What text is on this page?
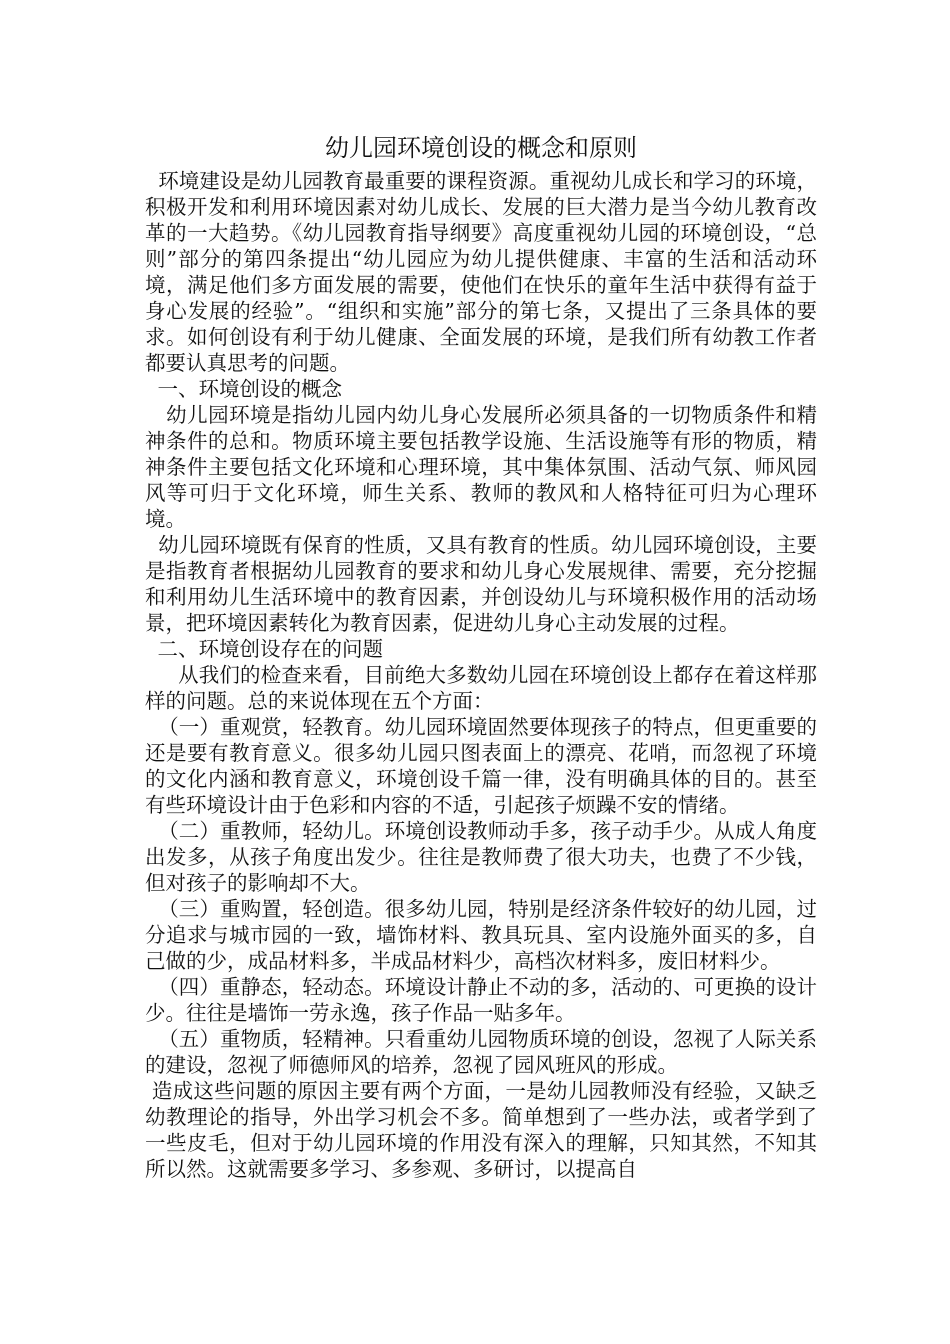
幼儿园环境创设的概念和原则

环境建设是幼儿园教育最重要的课程资源。重视幼儿成长和学习的环境，积极开发和利用环境因素对幼儿成长、发展的巨大潜力是当今幼儿教育改革的一大趋势。《幼儿园教育指导纲要》高度重视幼儿园的环境创设，“总则”部分的第四条提出“幼儿园应为幼儿提供健康、丰富的生活和活动环境，满足他们多方面发展的需要，使他们在快乐的童年生活中获得有益于身心发展的经验”。“组织和实施”部分的第七条，又提出了三条具体的要求。如何创设有利于幼儿健康、全面发展的环境，是我们所有幼教工作者都要认真思考的问题。

一、环境创设的概念

幼儿园环境是指幼儿园内幼儿身心发展所必须具备的一切物质条件和精神条件的总和。物质环境主要包括教学设施、生活设施等有形的物质，精神条件主要包括文化环境和心理环境，其中集体氛围、活动气氛、师风园风等可归于文化环境，师生关系、教师的教风和人格特征可归为心理环境。

幼儿园环境既有保育的性质，又具有教育的性质。幼儿园环境创设，主要是指教育者根据幼儿园教育的要求和幼儿身心发展规律、需要，充分挖掘和利用幼儿生活环境中的教育因素，并创设幼儿与环境积极作用的活动场景，把环境因素转化为教育因素，促进幼儿身心主动发展的过程。

二、环境创设存在的问题

从我们的检查来看，目前绝大多数幼儿园在环境创设上都存在着这样那样的问题。总的来说体现在五个方面：

（一）重观赏，轻教育。幼儿园环境固然要体现孩子的特点，但更重要的还是要有教育意义。很多幼儿园只图表面上的漂亮、花哨，而忽视了环境的文化内涵和教育意义，环境创设千篇一律，没有明确具体的目的。甚至有些环境设计由于色彩和内容的不适，引起孩子烦躁不安的情绪。

（二）重教师，轻幼儿。环境创设教师动手多，孩子动手少。从成人角度出发多，从孩子角度出发少。往往是教师费了很大功夫，也费了不少钱，但对孩子的影响却不大。

（三）重购置，轻创造。很多幼儿园，特别是经济条件较好的幼儿园，过分追求与城市园的一致，墙饰材料、教具玩具、室内设施外面买的多，自己做的少，成品材料多，半成品材料少，高档次材料多，废旧材料少。

（四）重静态，轻动态。环境设计静止不动的多，活动的、可更换的设计少。往往是墙饰一劳永逸，孩子作品一贴多年。

（五）重物质，轻精神。只看重幼儿园物质环境的创设，忽视了人际关系的建设，忽视了师德师风的培养，忽视了园风班风的形成。

造成这些问题的原因主要有两个方面，一是幼儿园教师没有经验，又缺乏幼教理论的指导，外出学习机会不多。简单想到了一些办法，或者学到了一些皮毛，但对于幼儿园环境的作用没有深入的理解，只知其然，不知其所以然。这就需要多学习、多参观、多研讨，以提高自
